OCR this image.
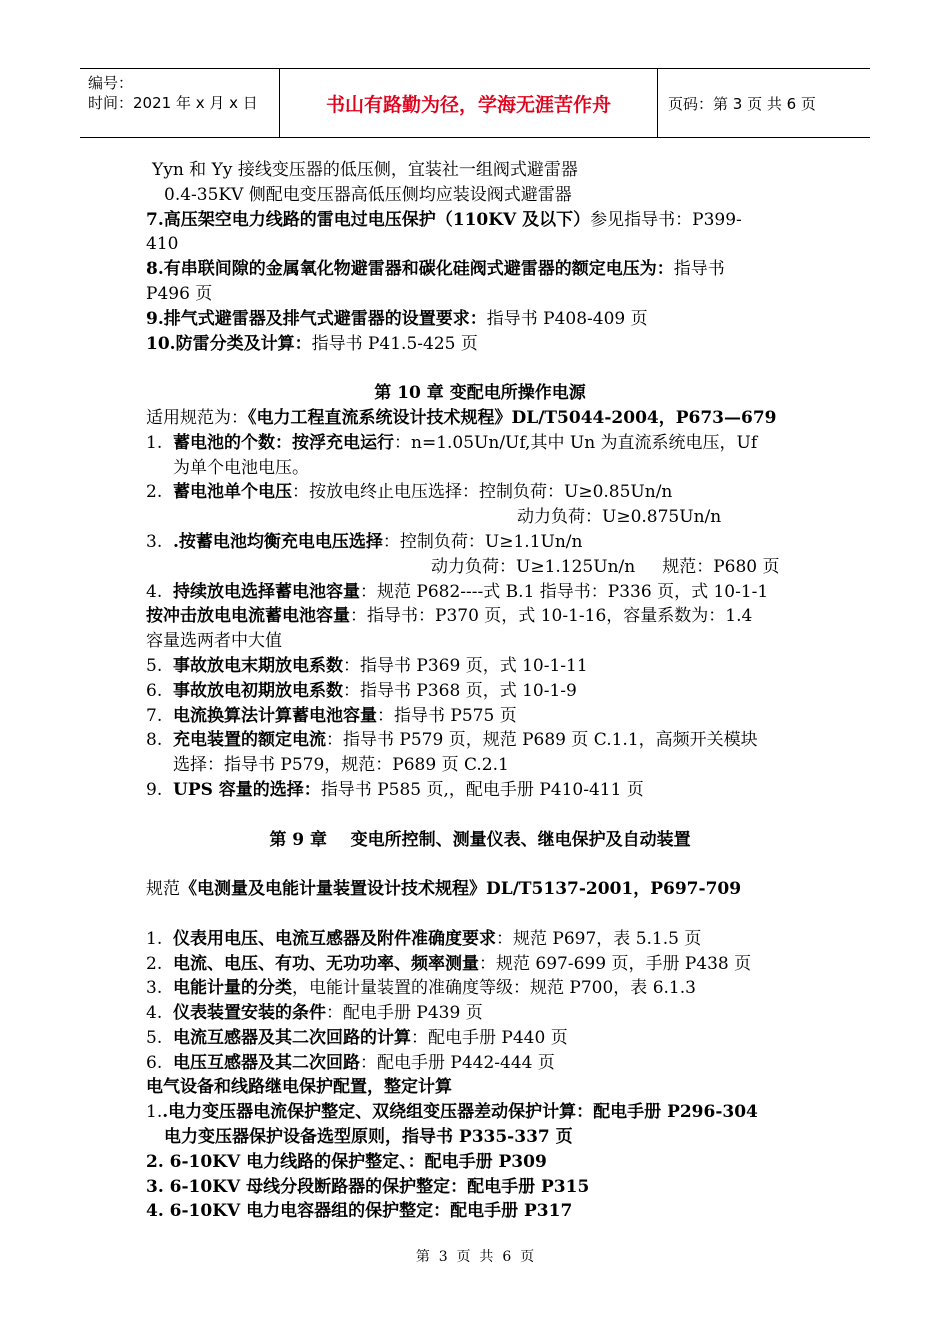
编号：
时间：2021 年 x 月 x 日	书山有路勤为径，学海无涯苦作舟	页码：第 3 页 共 6 页
Yyn 和 Yy 接线变压器的低压侧，宜装社一组阀式避雷器
0.4-35KV 侧配电变压器高低压侧均应装设阀式避雷器
7.高压架空电力线路的雷电过电压保护（110KV 及以下）参见指导书：P399-
410
8.有串联间隙的金属氧化物避雷器和碳化硅阀式避雷器的额定电压为：指导书
P496 页
9.排气式避雷器及排气式避雷器的设置要求：指导书 P408-409 页
10.防雷分类及计算：指导书 P41.5-425 页
第 10 章 变配电所操作电源
适用规范为：《电力工程直流系统设计技术规程》DL/T5044-2004，P673—679
1. 蓄电池的个数：按浮充电运行：n=1.05Un/Uf,其中 Un 为直流系统电压，Uf
为单个电池电压。
2. 蓄电池单个电压：按放电终止电压选择：控制负荷：U≥0.85Un/n
动力负荷：U≥0.875Un/n
3. .按蓄电池均衡充电电压选择：控制负荷：U≥1.1Un/n
动力负荷：U≥1.125Un/n     规范：P680 页
4. 持续放电选择蓄电池容量：规范 P682----式 B.1 指导书：P336 页，式 10-1-1
按冲击放电电流蓄电池容量：指导书：P370 页，式 10-1-16，容量系数为：1.4
容量选两者中大值
5. 事故放电末期放电系数：指导书 P369 页，式 10-1-11
6. 事故放电初期放电系数：指导书 P368 页，式 10-1-9
7. 电流换算法计算蓄电池容量：指导书 P575 页
8. 充电装置的额定电流：指导书 P579 页，规范 P689 页 C.1.1，高频开关模块
选择：指导书 P579，规范：P689 页 C.2.1
9. UPS 容量的选择：指导书 P585 页,，配电手册 P410-411 页
第 9 章    变电所控制、测量仪表、继电保护及自动装置
规范《电测量及电能计量装置设计技术规程》DL/T5137-2001，P697-709
1. 仪表用电压、电流互感器及附件准确度要求：规范 P697，表 5.1.5 页
2. 电流、电压、有功、无功功率、频率测量：规范 697-699 页，手册 P438 页
3. 电能计量的分类，电能计量装置的准确度等级：规范 P700，表 6.1.3
4. 仪表装置安装的条件：配电手册 P439 页
5. 电流互感器及其二次回路的计算：配电手册 P440 页
6. 电压互感器及其二次回路：配电手册 P442-444 页
电气设备和线路继电保护配置，整定计算
1..电力变压器电流保护整定、双绕组变压器差动保护计算：配电手册 P296-304
电力变压器保护设备选型原则，指导书 P335-337 页
2. 6-10KV 电力线路的保护整定、：配电手册 P309
3. 6-10KV 母线分段断路器的保护整定：配电手册 P315
4. 6-10KV 电力电容器组的保护整定：配电手册 P317
第  3  页  共  6  页
